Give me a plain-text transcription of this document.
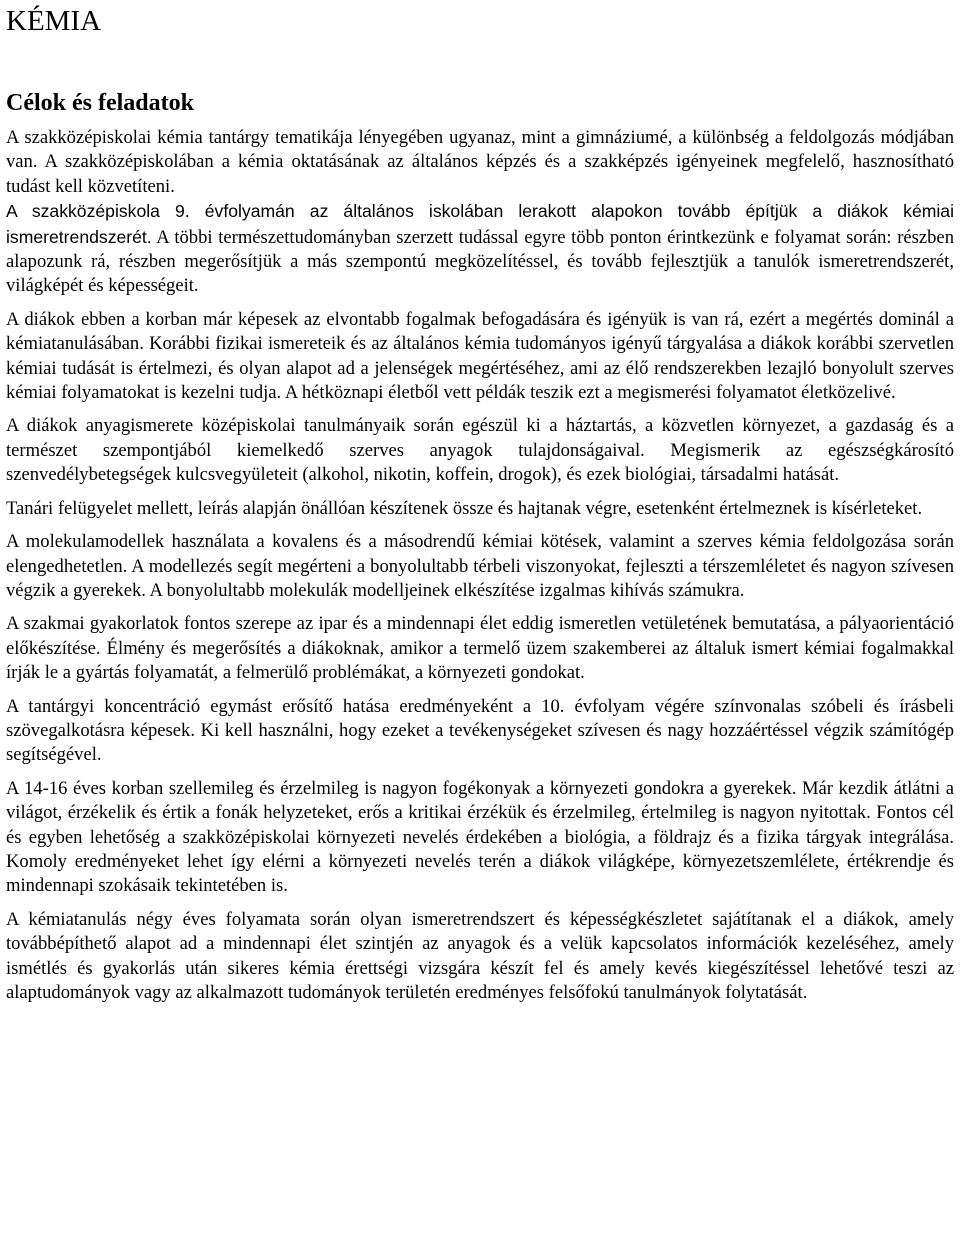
KÉMIA
Célok és feladatok

A szakközépiskolai kémia tantárgy tematikája lényegében ugyanaz, mint a gimnáziumé, a különbség a feldolgozás módjában van. A szakközépiskolában a kémia oktatásának az általános képzés és a szakképzés igényeinek megfelelő, hasznosítható tudást kell közvetíteni.

A szakközépiskola 9. évfolyamán az általános iskolában lerakott alapokon tovább építjük a diákok kémiai ismeretrendszerét. A többi természettudományban szerzett tudással egyre több ponton érintkezünk e folyamat során: részben alapozunk rá, részben megerősítjük a más szempontú megközelítéssel, és tovább fejlesztjük a tanulók ismeretrendszerét, világképét és képességeit.

A diákok ebben a korban már képesek az elvontabb fogalmak befogadására és igényük is van rá, ezért a megértés dominál a kémiatanulásában. Korábbi fizikai ismereteik és az általános kémia tudományos igényű tárgyalása a diákok korábbi szervetlen kémiai tudását is értelmezi, és olyan alapot ad a jelenségek megértéséhez, ami az élő rendszerekben lezajló bonyolult szerves kémiai folyamatokat is kezelni tudja. A hétköznapi életből vett példák teszik ezt a megismerési folyamatot életközelivé.

A diákok anyagismerete középiskolai tanulmányaik során egészül ki a háztartás, a közvetlen környezet, a gazdaság és a természet szempontjából kiemelkedő szerves anyagok tulajdonságaival. Megismerik az egészségkárosító szenvedélybetegségek kulcsvegyületeit (alkohol, nikotin, koffein, drogok), és ezek biológiai, társadalmi hatását.

Tanári felügyelet mellett, leírás alapján önállóan készítenek össze és hajtanak végre, esetenként értelmeznek is kísérleteket.

A molekulamodellek használata a kovalens és a másodrendű kémiai kötések, valamint a szerves kémia feldolgozása során elengedhetetlen. A modellezés segít megérteni a bonyolultabb térbeli viszonyokat, fejleszti a térszemléletet és nagyon szívesen végzik a gyerekek. A bonyolultabb molekulák modelljeinek elkészítése izgalmas kihívás számukra.

A szakmai gyakorlatok fontos szerepe az ipar és a mindennapi élet eddig ismeretlen vetületének bemutatása, a pályaorientáció előkészítése. Élmény és megerősítés a diákoknak, amikor a termelő üzem szakemberei az általuk ismert kémiai fogalmakkal írják le a gyártás folyamatát, a felmerülő problémákat, a környezeti gondokat.

A tantárgyi koncentráció egymást erősítő hatása eredményeként a 10. évfolyam végére színvonalas szóbeli és írásbeli szövegalkotásra képesek. Ki kell használni, hogy ezeket a tevékenységeket szívesen és nagy hozzáértéssel végzik számítógép segítségével.

A 14-16 éves korban szellemileg és érzelmileg is nagyon fogékonyak a környezeti gondokra a gyerekek. Már kezdik átlátni a világot, érzékelik és értik a fonák helyzeteket, erős a kritikai érzékük és érzelmileg, értelmileg is nagyon nyitottak. Fontos cél és egyben lehetőség a szakközépiskolai környezeti nevelés érdekében a biológia, a földrajz és a fizika tárgyak integrálása. Komoly eredményeket lehet így elérni a környezeti nevelés terén a diákok világképe, környezetszemlélete, értékrendje és mindennapi szokásaik tekintetében is.

A kémiatanulás négy éves folyamata során olyan ismeretrendszert és képességkészletet sajátítanak el a diákok, amely továbbépíthető alapot ad a mindennapi élet szintjén az anyagok és a velük kapcsolatos információk kezeléséhez, amely ismétlés és gyakorlás után sikeres kémia érettségi vizsgára készít fel és amely kevés kiegészítéssel lehetővé teszi az alaptudományok vagy az alkalmazott tudományok területén eredményes felsőfokú tanulmányok folytatását.
